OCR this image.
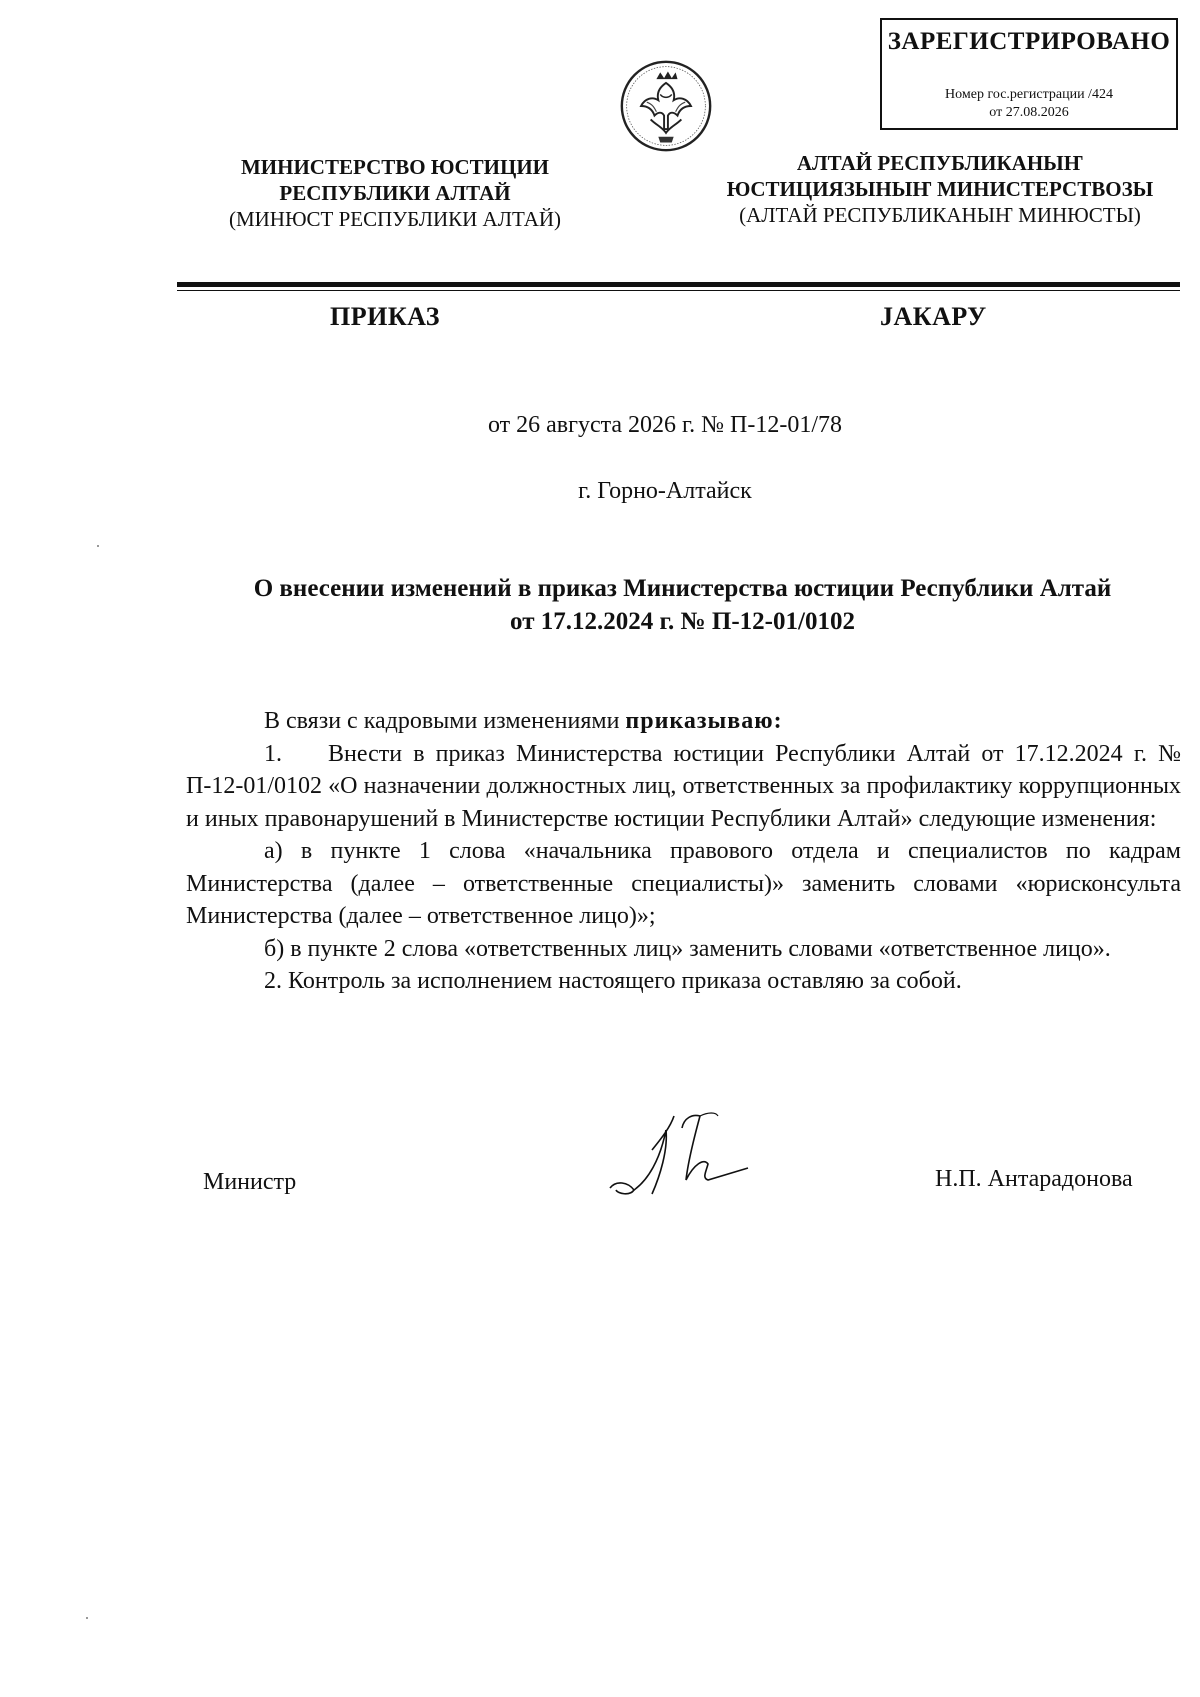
ЗАРЕГИСТРИРОВАНО
Номер гос.регистрации /424
от 27.08.2026
МИНИСТЕРСТВО ЮСТИЦИИ
РЕСПУБЛИКИ АЛТАЙ
(МИНЮСТ РЕСПУБЛИКИ АЛТАЙ)
АЛТАЙ РЕСПУБЛИКАНЫҤ
ЮСТИЦИЯЗЫНЫҤ МИНИСТЕРСТВОЗЫ
(АЛТАЙ РЕСПУБЛИКАНЫҤ МИНЮСТЫ)
ПРИКАЗ	JАКАРУ
от 26 августа 2026 г. № П-12-01/78
г. Горно-Алтайск
О внесении изменений в приказ Министерства юстиции Республики Алтай
от 17.12.2024 г. № П-12-01/0102

В связи с кадровыми изменениями приказываю:

1. Внести в приказ Министерства юстиции Республики Алтай от 17.12.2024 г. № П-12-01/0102 «О назначении должностных лиц, ответственных за профилактику коррупционных и иных правонарушений в Министерстве юстиции Республики Алтай» следующие изменения:

а) в пункте 1 слова «начальника правового отдела и специалистов по кадрам Министерства (далее – ответственные специалисты)» заменить словами «юрисконсульта Министерства (далее – ответственное лицо)»;

б) в пункте 2 слова «ответственных лиц» заменить словами «ответственное лицо».

2. Контроль за исполнением настоящего приказа оставляю за собой.

Министр	Н.П. Антарадонова
